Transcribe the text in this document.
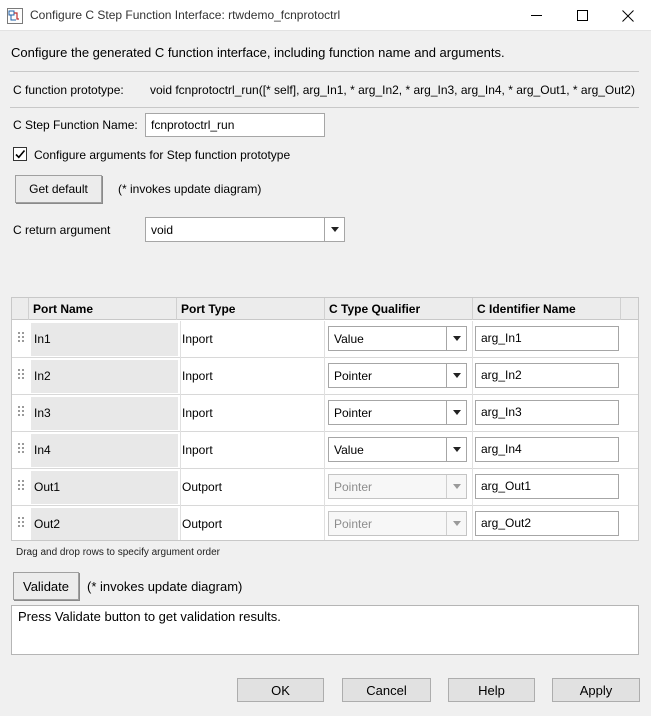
Configure C Step Function Interface: rtwdemo_fcnprotoctrl
Configure the generated C function interface, including function name and arguments.
C function prototype: void fcnprotoctrl_run([* self], arg_In1, * arg_In2, * arg_In3, arg_In4, * arg_Out1, * arg_Out2)
C Step Function Name:	fcnprotoctrl_run
Configure arguments for Step function prototype
Get default	(* invokes update diagram)
C return argument	void
Port Name	Port Type	C Type Qualifier	C Identifier Name
In1	Inport	Value	arg_In1
In2	Inport	Pointer	arg_In2
In3	Inport	Pointer	arg_In3
In4	Inport	Value	arg_In4
Out1	Outport	Pointer	arg_Out1
Out2	Outport	Pointer	arg_Out2
Drag and drop rows to specify argument order
Validate	(* invokes update diagram)
Press Validate button to get validation results.
OK	Cancel	Help	Apply
